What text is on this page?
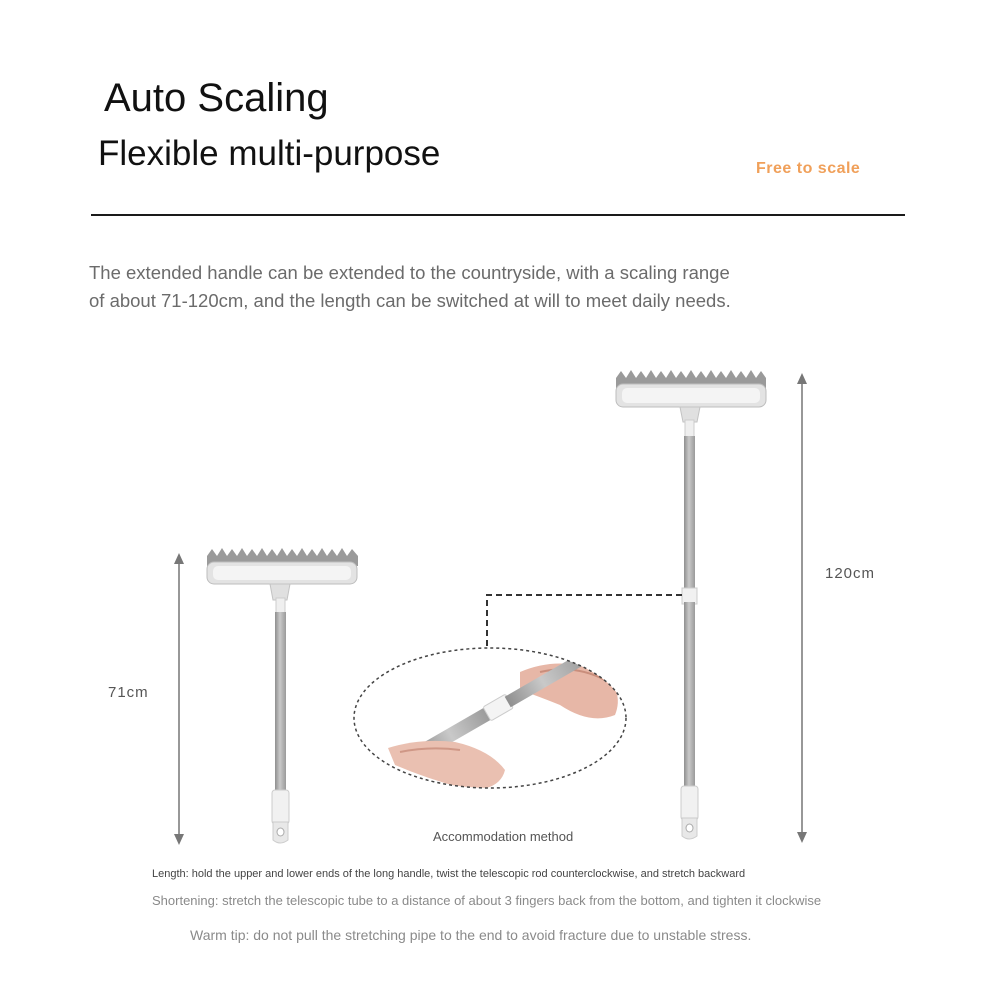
Auto Scaling
Flexible multi-purpose	Free to scale
The extended handle can be extended to the countryside, with a scaling range
of about 71-120cm, and the length can be switched at will to meet daily needs.
71cm
120cm
Accommodation method
Length: hold the upper and lower ends of the long handle, twist the telescopic rod counterclockwise, and stretch backward
Shortening: stretch the telescopic tube to a distance of about 3 fingers back from the bottom, and tighten it clockwise
Warm tip: do not pull the stretching pipe to the end to avoid fracture due to unstable stress.
